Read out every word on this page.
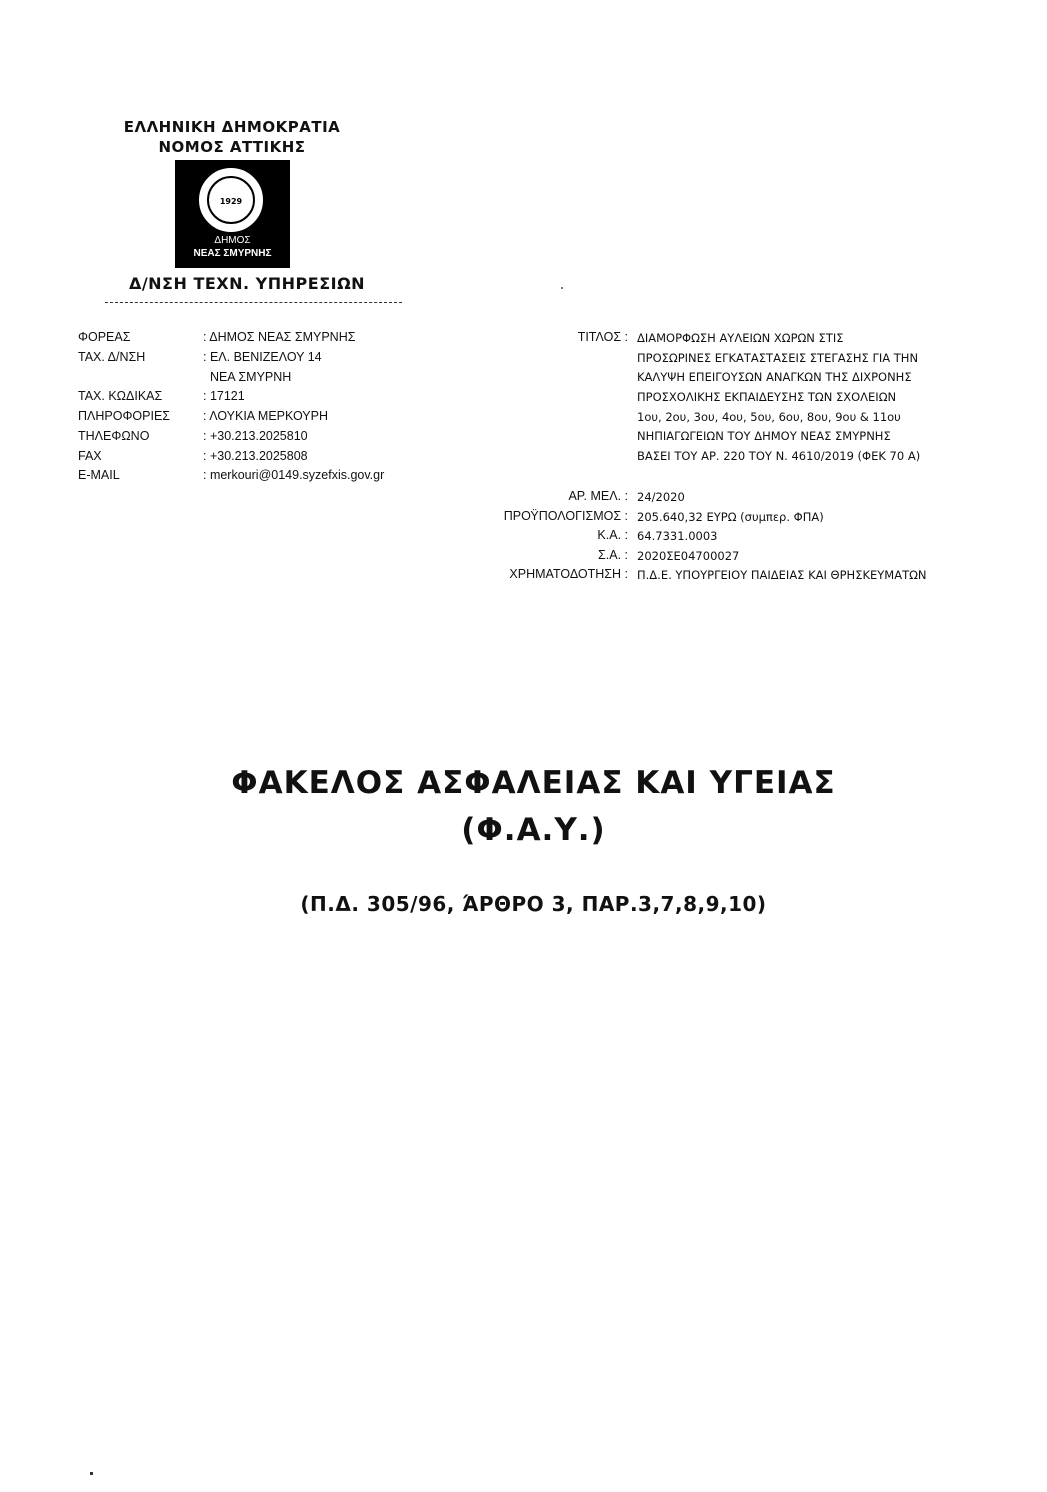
ΕΛΛΗΝΙΚΗ ΔΗΜΟΚΡΑΤΙΑ
ΝΟΜΟΣ ΑΤΤΙΚΗΣ
1929
ΔΗΜΟΣ
ΝΕΑΣ ΣΜΥΡΝΗΣ
Δ/ΝΣΗ ΤΕΧΝ. ΥΠΗΡΕΣΙΩΝ
ΦΟΡΕΑΣ	: ΔΗΜΟΣ ΝΕΑΣ ΣΜΥΡΝΗΣ
ΤΑΧ. Δ/ΝΣΗ	: ΕΛ. ΒΕΝΙΖΕΛΟΥ 14
ΝΕΑ ΣΜΥΡΝΗ
ΤΑΧ. ΚΩΔΙΚΑΣ	: 17121
ΠΛΗΡΟΦΟΡΙΕΣ	: ΛΟΥΚΙΑ ΜΕΡΚΟΥΡΗ
ΤΗΛΕΦΩΝΟ	: +30.213.2025810
FAX	: +30.213.2025808
E-MAIL	: merkouri@0149.syzefxis.gov.gr
ΤΙΤΛΟΣ : ΔΙΑΜΟΡΦΩΣΗ ΑΥΛΕΙΩΝ ΧΩΡΩΝ ΣΤΙΣ
ΠΡΟΣΩΡΙΝΕΣ ΕΓΚΑΤΑΣΤΑΣΕΙΣ ΣΤΕΓΑΣΗΣ ΓΙΑ ΤΗΝ
ΚΑΛΥΨΗ ΕΠΕΙΓΟΥΣΩΝ ΑΝΑΓΚΩΝ ΤΗΣ ΔΙΧΡΟΝΗΣ
ΠΡΟΣΧΟΛΙΚΗΣ ΕΚΠΑΙΔΕΥΣΗΣ ΤΩΝ ΣΧΟΛΕΙΩΝ
1ου, 2ου, 3ου, 4ου, 5ου, 6ου, 8ου, 9ου & 11ου
ΝΗΠΙΑΓΩΓΕΙΩΝ ΤΟΥ ΔΗΜΟΥ ΝΕΑΣ ΣΜΥΡΝΗΣ
ΒΑΣΕΙ ΤΟΥ ΑΡ. 220 ΤΟΥ Ν. 4610/2019 (ΦΕΚ 70 Α)
ΑΡ. ΜΕΛ. : 24/2020
ΠΡΟΫΠΟΛΟΓΙΣΜΟΣ : 205.640,32 ΕΥΡΩ (συμπερ. ΦΠΑ)
Κ.Α. : 64.7331.0003
Σ.Α. : 2020ΣΕ04700027
ΧΡΗΜΑΤΟΔΟΤΗΣΗ : Π.Δ.Ε. ΥΠΟΥΡΓΕΙΟΥ ΠΑΙΔΕΙΑΣ ΚΑΙ ΘΡΗΣΚΕΥΜΑΤΩΝ
ΦΑΚΕΛΟΣ ΑΣΦΑΛΕΙΑΣ ΚΑΙ ΥΓΕΙΑΣ
(Φ.Α.Υ.)
(Π.Δ. 305/96, ΆΡΘΡΟ 3, ΠΑΡ.3,7,8,9,10)
